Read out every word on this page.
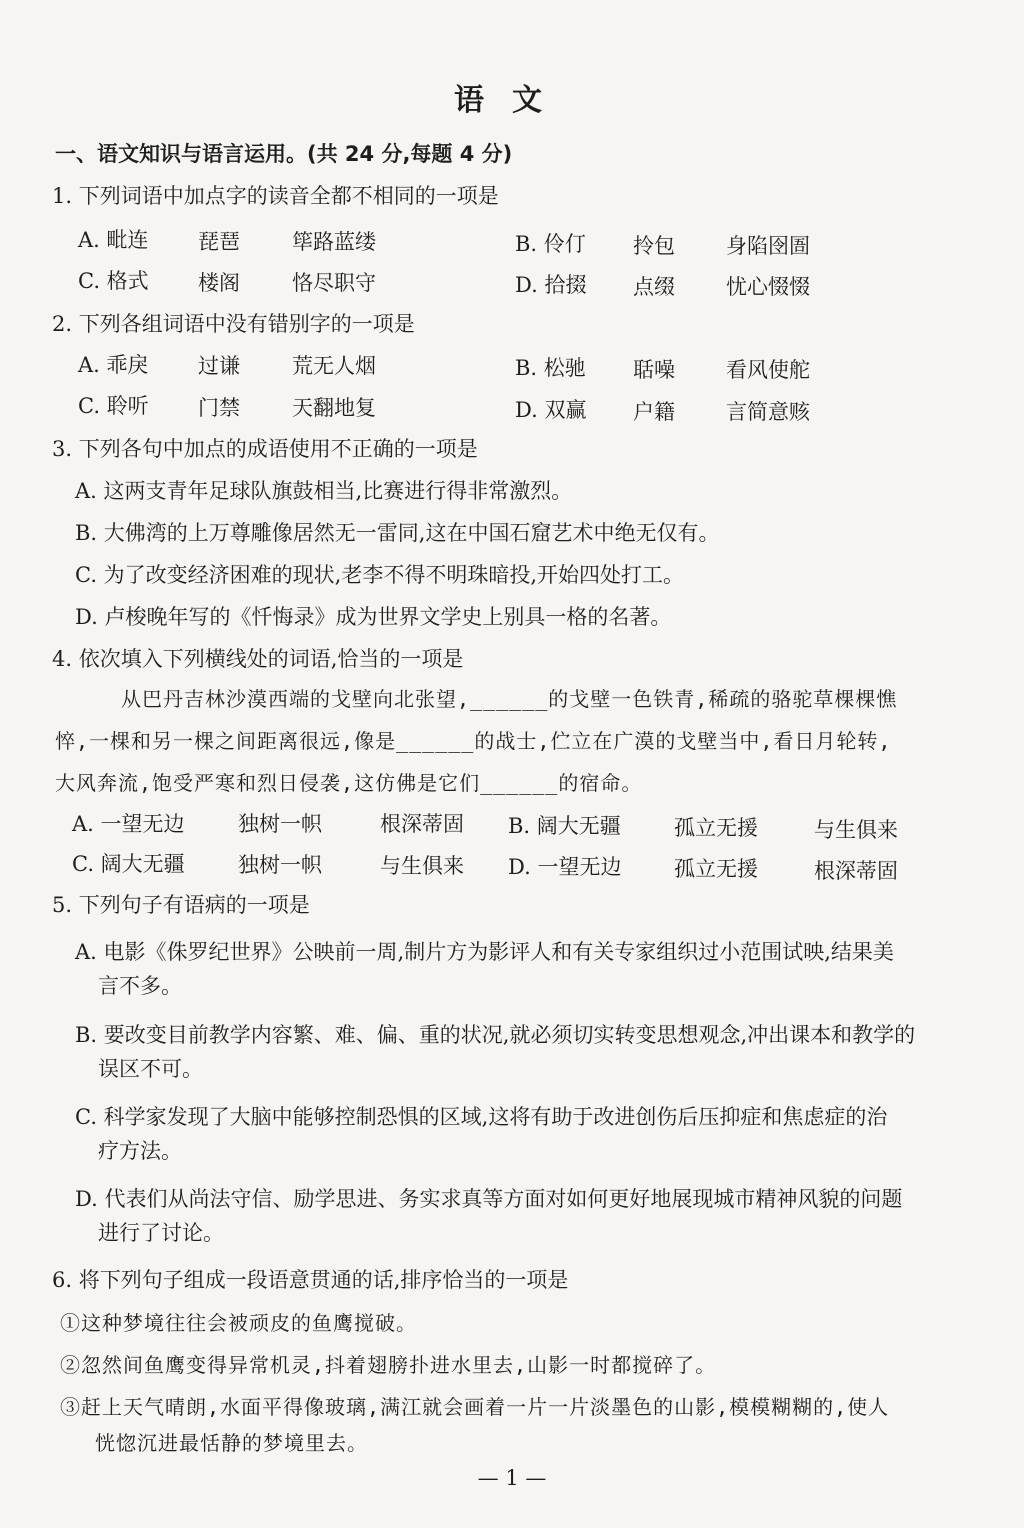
语文
一、语文知识与语言运用。(共 24 分,每题 4 分)
1. 下列词语中加点字的读音全都不相同的一项是
A. 毗连 琵琶 筚路蓝缕	B. 伶仃 拎包 身陷囹圄
C. 格式 楼阁 恪尽职守	D. 拾掇 点缀 忧心惙惙
2. 下列各组词语中没有错别字的一项是
A. 乖戾 过谦 荒无人烟	B. 松驰 聒噪 看风使舵
C. 聆听 门禁 天翻地复	D. 双赢 户籍 言简意赅
3. 下列各句中加点的成语使用不正确的一项是
A. 这两支青年足球队旗鼓相当,比赛进行得非常激烈。
B. 大佛湾的上万尊雕像居然无一雷同,这在中国石窟艺术中绝无仅有。
C. 为了改变经济困难的现状,老李不得不明珠暗投,开始四处打工。
D. 卢梭晚年写的《忏悔录》成为世界文学史上别具一格的名著。
4. 依次填入下列横线处的词语,恰当的一项是
从巴丹吉林沙漠西端的戈壁向北张望,______的戈壁一色铁青,稀疏的骆驼草棵棵憔
悴,一棵和另一棵之间距离很远,像是______的战士,伫立在广漠的戈壁当中,看日月轮转,
大风奔流,饱受严寒和烈日侵袭,这仿佛是它们______的宿命。
A. 一望无边	独树一帜	根深蒂固 B. 阔大无疆	孤立无援	与生俱来
C. 阔大无疆	独树一帜	与生俱来 D. 一望无边	孤立无援	根深蒂固
5. 下列句子有语病的一项是
A. 电影《侏罗纪世界》公映前一周,制片方为影评人和有关专家组织过小范围试映,结果美
言不多。
B. 要改变目前教学内容繁、难、偏、重的状况,就必须切实转变思想观念,冲出课本和教学的
误区不可。
C. 科学家发现了大脑中能够控制恐惧的区域,这将有助于改进创伤后压抑症和焦虑症的治
疗方法。
D. 代表们从尚法守信、励学思进、务实求真等方面对如何更好地展现城市精神风貌的问题
进行了讨论。
6. 将下列句子组成一段语意贯通的话,排序恰当的一项是
①这种梦境往往会被顽皮的鱼鹰搅破。
②忽然间鱼鹰变得异常机灵,抖着翅膀扑进水里去,山影一时都搅碎了。
③赶上天气晴朗,水面平得像玻璃,满江就会画着一片一片淡墨色的山影,模模糊糊的,使人
恍惚沉进最恬静的梦境里去。
— 1 —
